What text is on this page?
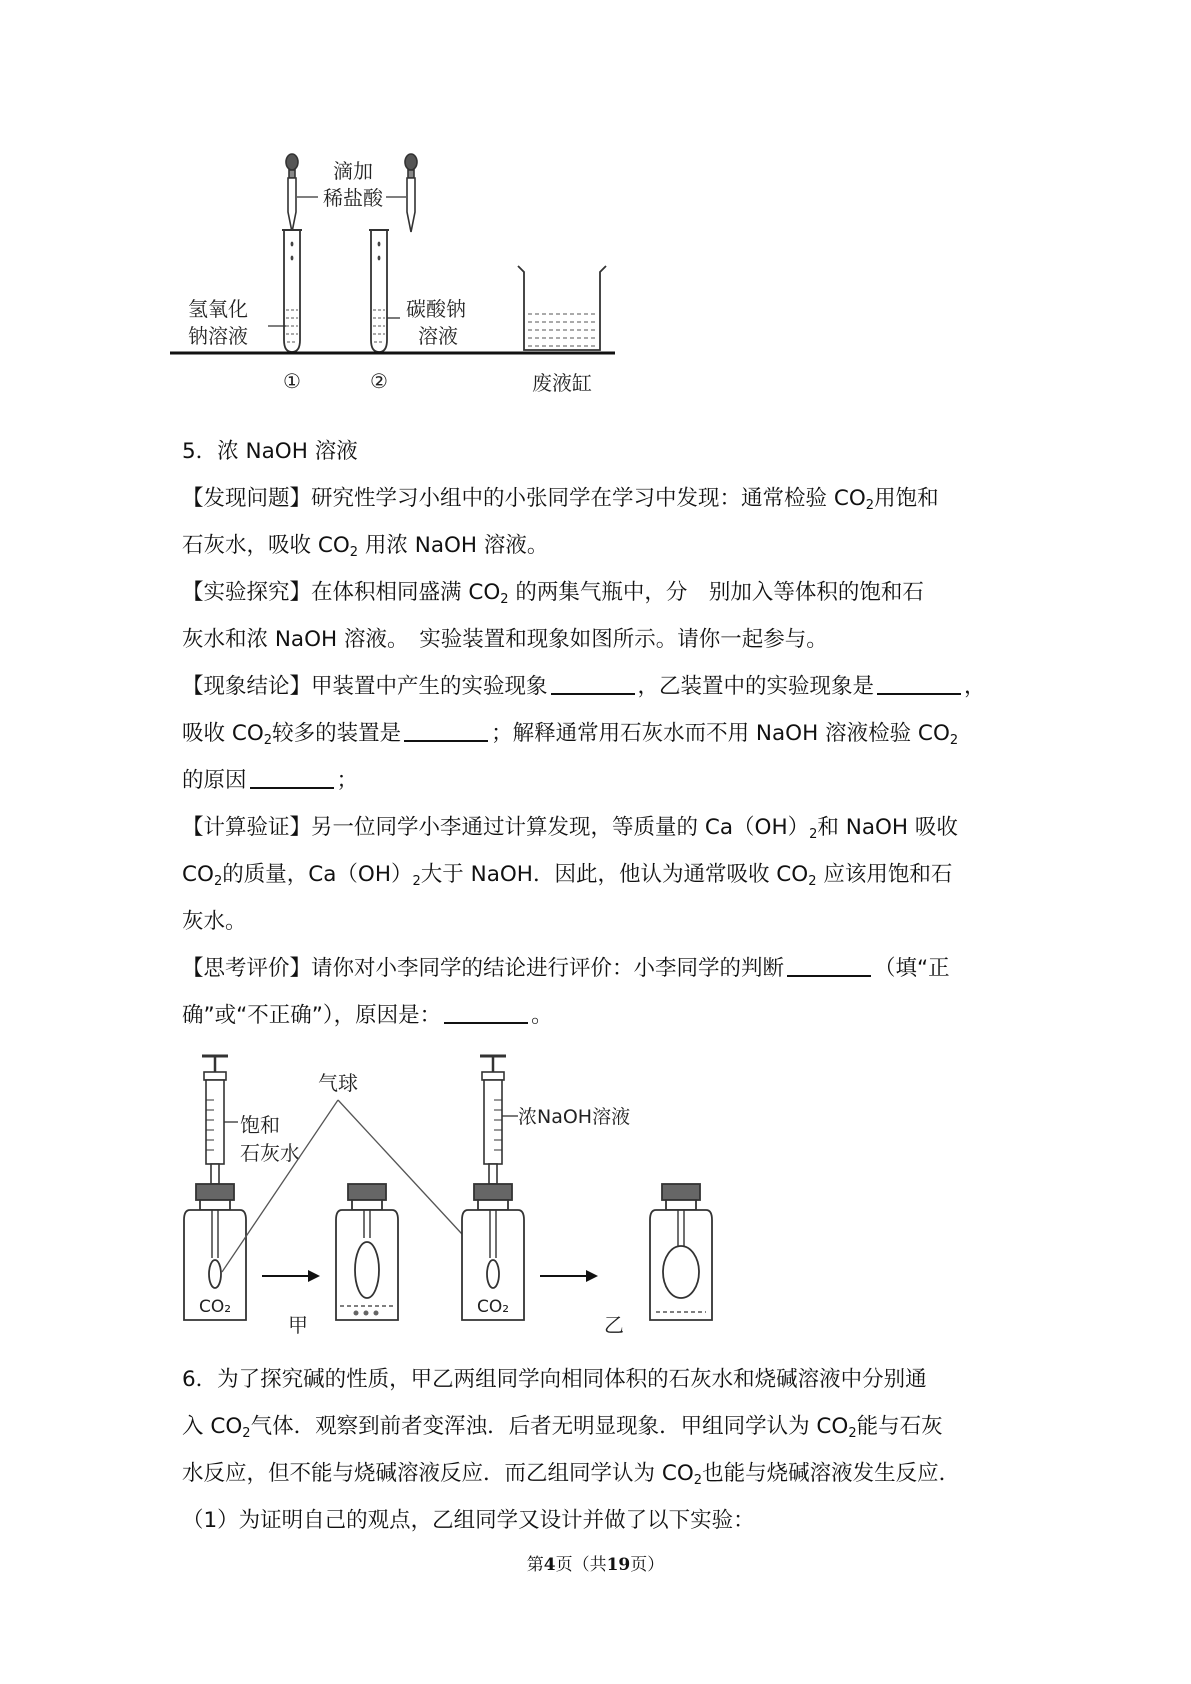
滴加
稀盐酸
氢氧化
钠溶液
碳酸钠
溶液
①	②	废液缸
5．浓 NaOH 溶液
【发现问题】研究性学习小组中的小张同学在学习中发现：通常检验 $CO_2$用饱和
石灰水，吸收 $CO_2$ 用浓 NaOH 溶液。
【实验探究】在体积相同盛满 $CO_2$ 的两集气瓶中，分　别加入等体积的饱和石
灰水和浓 NaOH 溶液。　实验装置和现象如图所示。请你一起参与。
【现象结论】甲装置中产生的实验现象	，乙装置中的实验现象是	，
吸收 $CO_2$较多的装置是	；解释通常用石灰水而不用 NaOH 溶液检验 $CO_2$
的原因	；
【计算验证】另一位同学小李通过计算发现，等质量的 $Ca(OH)_2$和 NaOH 吸收
$CO_2$的质量，$Ca(OH)_2$大于 NaOH．因此，他认为通常吸收 $CO_2$ 应该用饱和石
灰水。
【思考评价】请你对小李同学的结论进行评价：小李同学的判断	（填“正
确”或“不正确”），原因是：	。
饱和
石灰水
CO₂
气球
浓NaOH溶液
CO₂
甲	乙
6．为了探究碱的性质，甲乙两组同学向相同体积的石灰水和烧碱溶液中分别通
入 $CO_2$气体．观察到前者变浑浊．后者无明显现象．甲组同学认为 $CO_2$能与石灰
水反应，但不能与烧碱溶液反应．而乙组同学认为 $CO_2$也能与烧碱溶液发生反应．
（1）为证明自己的观点，乙组同学又设计并做了以下实验：
第4页（共19页）
